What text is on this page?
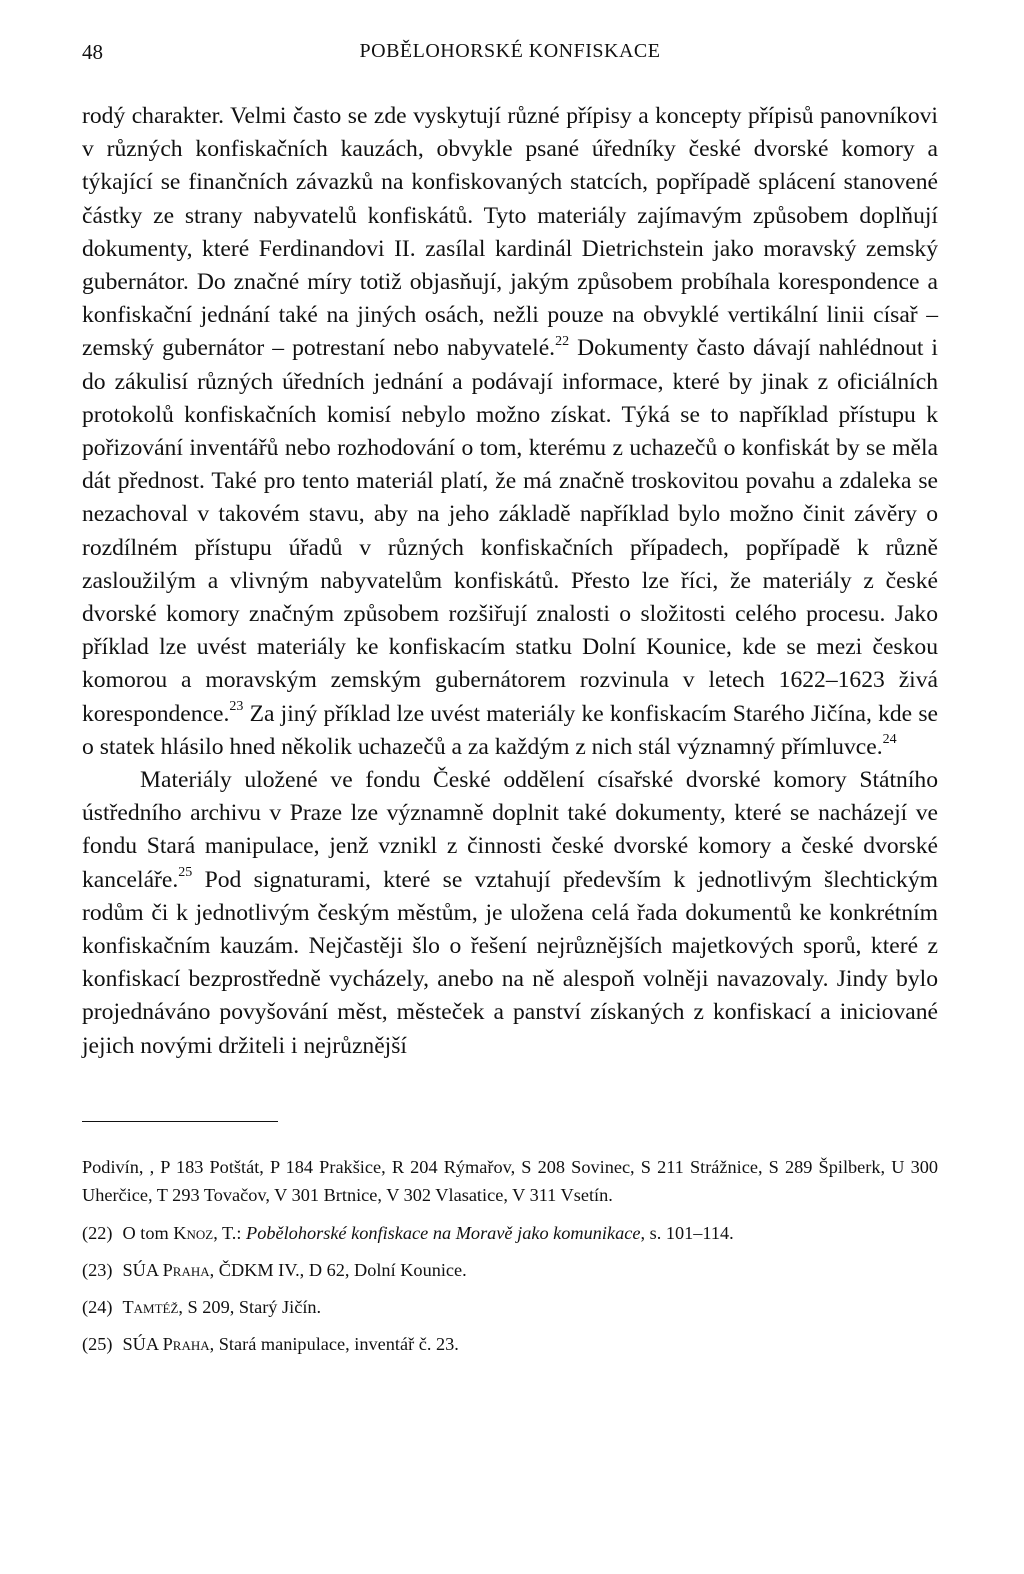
48	POBĚLOHORSKÉ KONFISKACE

rodý charakter. Velmi často se zde vyskytují různé přípisy a koncepty přípisů panovníkovi v různých konfiskačních kauzách, obvykle psané úředníky české dvorské komory a týkající se finančních závazků na konfiskovaných statcích, popřípadě splácení stanovené částky ze strany nabyvatelů konfiskátů. Tyto materiály zajímavým způsobem doplňují dokumenty, které Ferdinandovi II. zasílal kardinál Dietrichstein jako moravský zemský gubernátor. Do značné míry totiž objasňují, jakým způsobem probíhala korespondence a konfiskační jednání také na jiných osách, nežli pouze na obvyklé vertikální linii císař – zemský gubernátor – potrestaní nebo nabyvatelé.$^{22}$ Dokumenty často dávají nahlédnout i do zákulisí různých úředních jednání a podávají informace, které by jinak z oficiálních protokolů konfiskačních komisí nebylo možno získat. Týká se to například přístupu k pořizování inventářů nebo rozhodování o tom, kterému z uchazečů o konfiskát by se měla dát přednost. Také pro tento materiál platí, že má značně troskovitou povahu a zdaleka se nezachoval v takovém stavu, aby na jeho základě například bylo možno činit závěry o rozdílném přístupu úřadů v různých konfiskačních případech, popřípadě k různě zasloužilým a vlivným nabyvatelům konfiskátů. Přesto lze říci, že materiály z české dvorské komory značným způsobem rozšiřují znalosti o složitosti celého procesu. Jako příklad lze uvést materiály ke konfiskacím statku Dolní Kounice, kde se mezi českou komorou a moravským zemským gubernátorem rozvinula v letech 1622–1623 živá korespondence.$^{23}$ Za jiný příklad lze uvést materiály ke konfiskacím Starého Jičína, kde se o statek hlásilo hned několik uchazečů a za každým z nich stál významný přímluvce.$^{24}$

Materiály uložené ve fondu České oddělení císařské dvorské komory Státního ústředního archivu v Praze lze významně doplnit také dokumenty, které se nacházejí ve fondu Stará manipulace, jenž vznikl z činnosti české dvorské komory a české dvorské kanceláře.$^{25}$ Pod signaturami, které se vztahují především k jednotlivým šlechtickým rodům či k jednotlivým českým městům, je uložena celá řada dokumentů ke konkrétním konfiskačním kauzám. Nejčastěji šlo o řešení nejrůznějších majetkových sporů, které z konfiskací bezprostředně vycházely, anebo na ně alespoň volněji navazovaly. Jindy bylo projednáváno povyšování měst, městeček a panství získaných z konfiskací a iniciované jejich novými držiteli i nejrůznější

Podivín, , P 183 Potštát, P 184 Prakšice, R 204 Rýmařov, S 208 Sovinec, S 211 Strážnice, S 289 Špilberk, U 300 Uherčice, T 293 Tovačov, V 301 Brtnice, V 302 Vlasatice, V 311 Vsetín.

(22) O tom Knoz, T.: Pobělohorské konfiskace na Moravě jako komunikace, s. 101–114.
(23) SÚA Praha, ČDKM IV., D 62, Dolní Kounice.
(24) Tamtéž, S 209, Starý Jičín.
(25) SÚA Praha, Stará manipulace, inventář č. 23.
